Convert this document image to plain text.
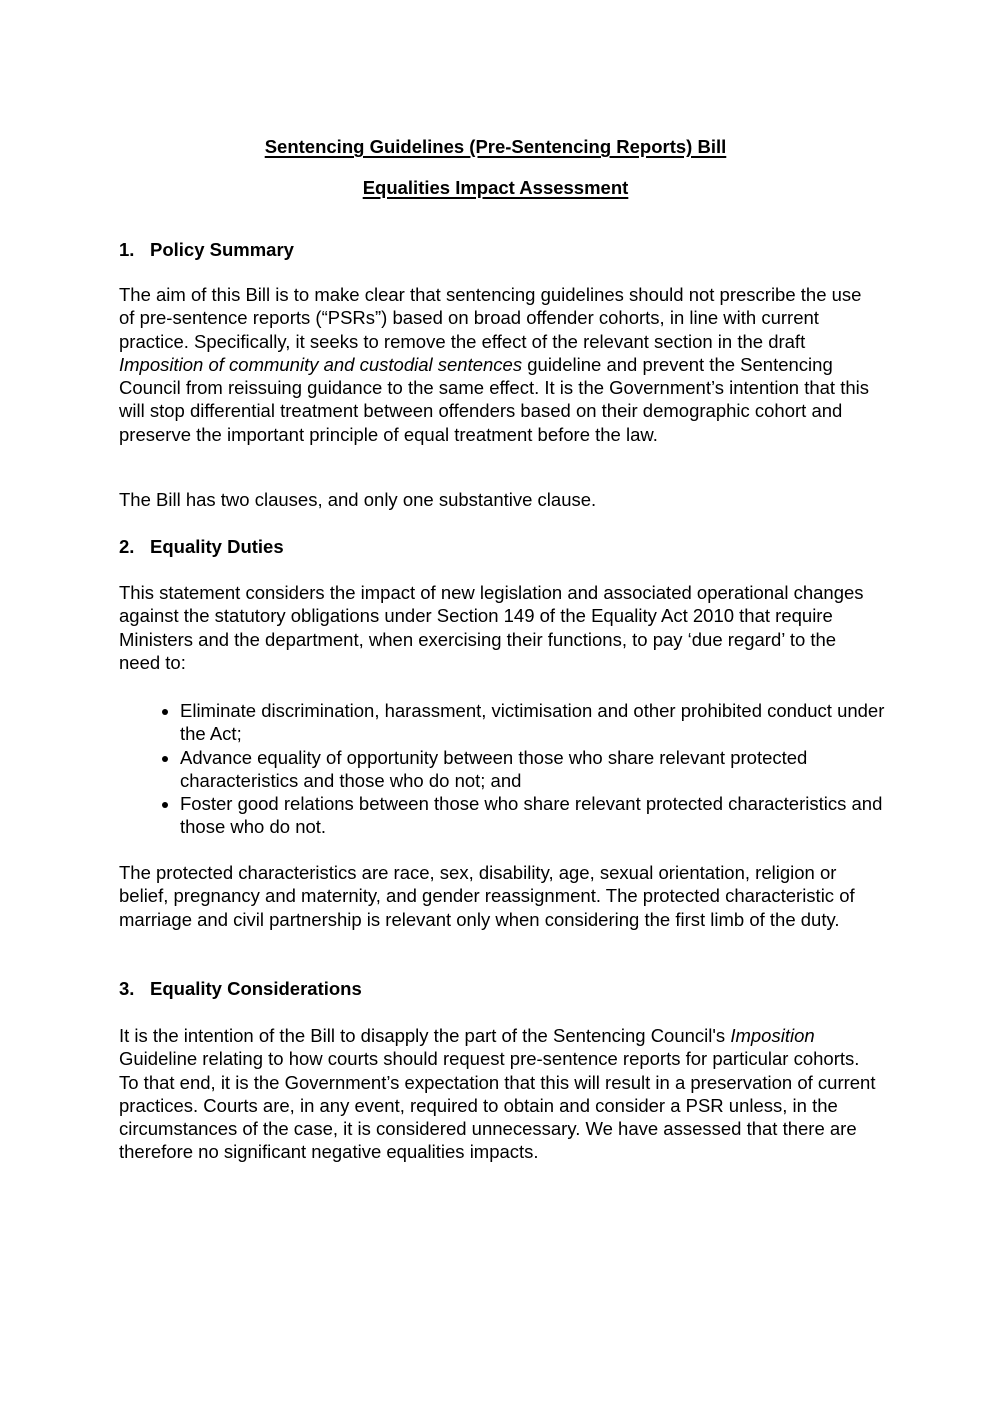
Sentencing Guidelines (Pre-Sentencing Reports) Bill
Equalities Impact Assessment
1. Policy Summary

The aim of this Bill is to make clear that sentencing guidelines should not prescribe the use of pre-sentence reports (“PSRs”) based on broad offender cohorts, in line with current practice. Specifically, it seeks to remove the effect of the relevant section in the draft Imposition of community and custodial sentences guideline and prevent the Sentencing Council from reissuing guidance to the same effect. It is the Government’s intention that this will stop differential treatment between offenders based on their demographic cohort and preserve the important principle of equal treatment before the law.

The Bill has two clauses, and only one substantive clause.

2. Equality Duties

This statement considers the impact of new legislation and associated operational changes against the statutory obligations under Section 149 of the Equality Act 2010 that require Ministers and the department, when exercising their functions, to pay ‘due regard’ to the need to:

• Eliminate discrimination, harassment, victimisation and other prohibited conduct under the Act;
• Advance equality of opportunity between those who share relevant protected characteristics and those who do not; and
• Foster good relations between those who share relevant protected characteristics and those who do not.

The protected characteristics are race, sex, disability, age, sexual orientation, religion or belief, pregnancy and maternity, and gender reassignment. The protected characteristic of marriage and civil partnership is relevant only when considering the first limb of the duty.

3. Equality Considerations

It is the intention of the Bill to disapply the part of the Sentencing Council's Imposition Guideline relating to how courts should request pre-sentence reports for particular cohorts. To that end, it is the Government’s expectation that this will result in a preservation of current practices. Courts are, in any event, required to obtain and consider a PSR unless, in the circumstances of the case, it is considered unnecessary. We have assessed that there are therefore no significant negative equalities impacts.
